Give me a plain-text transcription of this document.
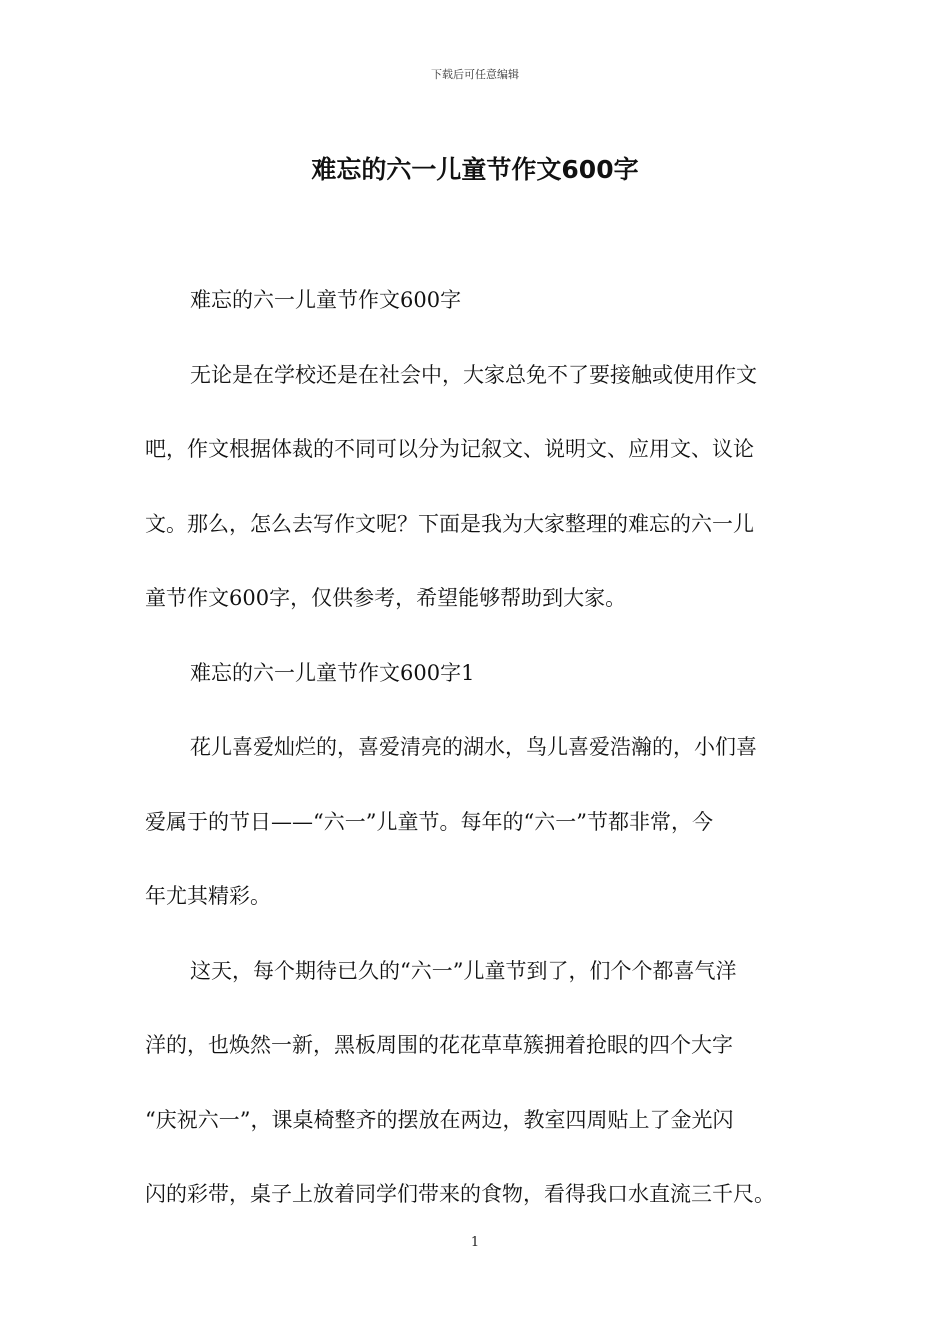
下载后可任意编辑
难忘的六一儿童节作文600字
难忘的六一儿童节作文600字
无论是在学校还是在社会中，大家总免不了要接触或使用作文
吧，作文根据体裁的不同可以分为记叙文、说明文、应用文、议论
文。那么，怎么去写作文呢？下面是我为大家整理的难忘的六一儿
童节作文600字，仅供参考，希望能够帮助到大家。
难忘的六一儿童节作文600字1
花儿喜爱灿烂的，喜爱清亮的湖水，鸟儿喜爱浩瀚的，小们喜
爱属于的节日——“六一”儿童节。每年的“六一”节都非常，今
年尤其精彩。
这天，每个期待已久的“六一”儿童节到了，们个个都喜气洋
洋的，也焕然一新，黑板周围的花花草草簇拥着抢眼的四个大字
“庆祝六一”，课桌椅整齐的摆放在两边，教室四周贴上了金光闪
闪的彩带，桌子上放着同学们带来的食物，看得我口水直流三千尺。
1
